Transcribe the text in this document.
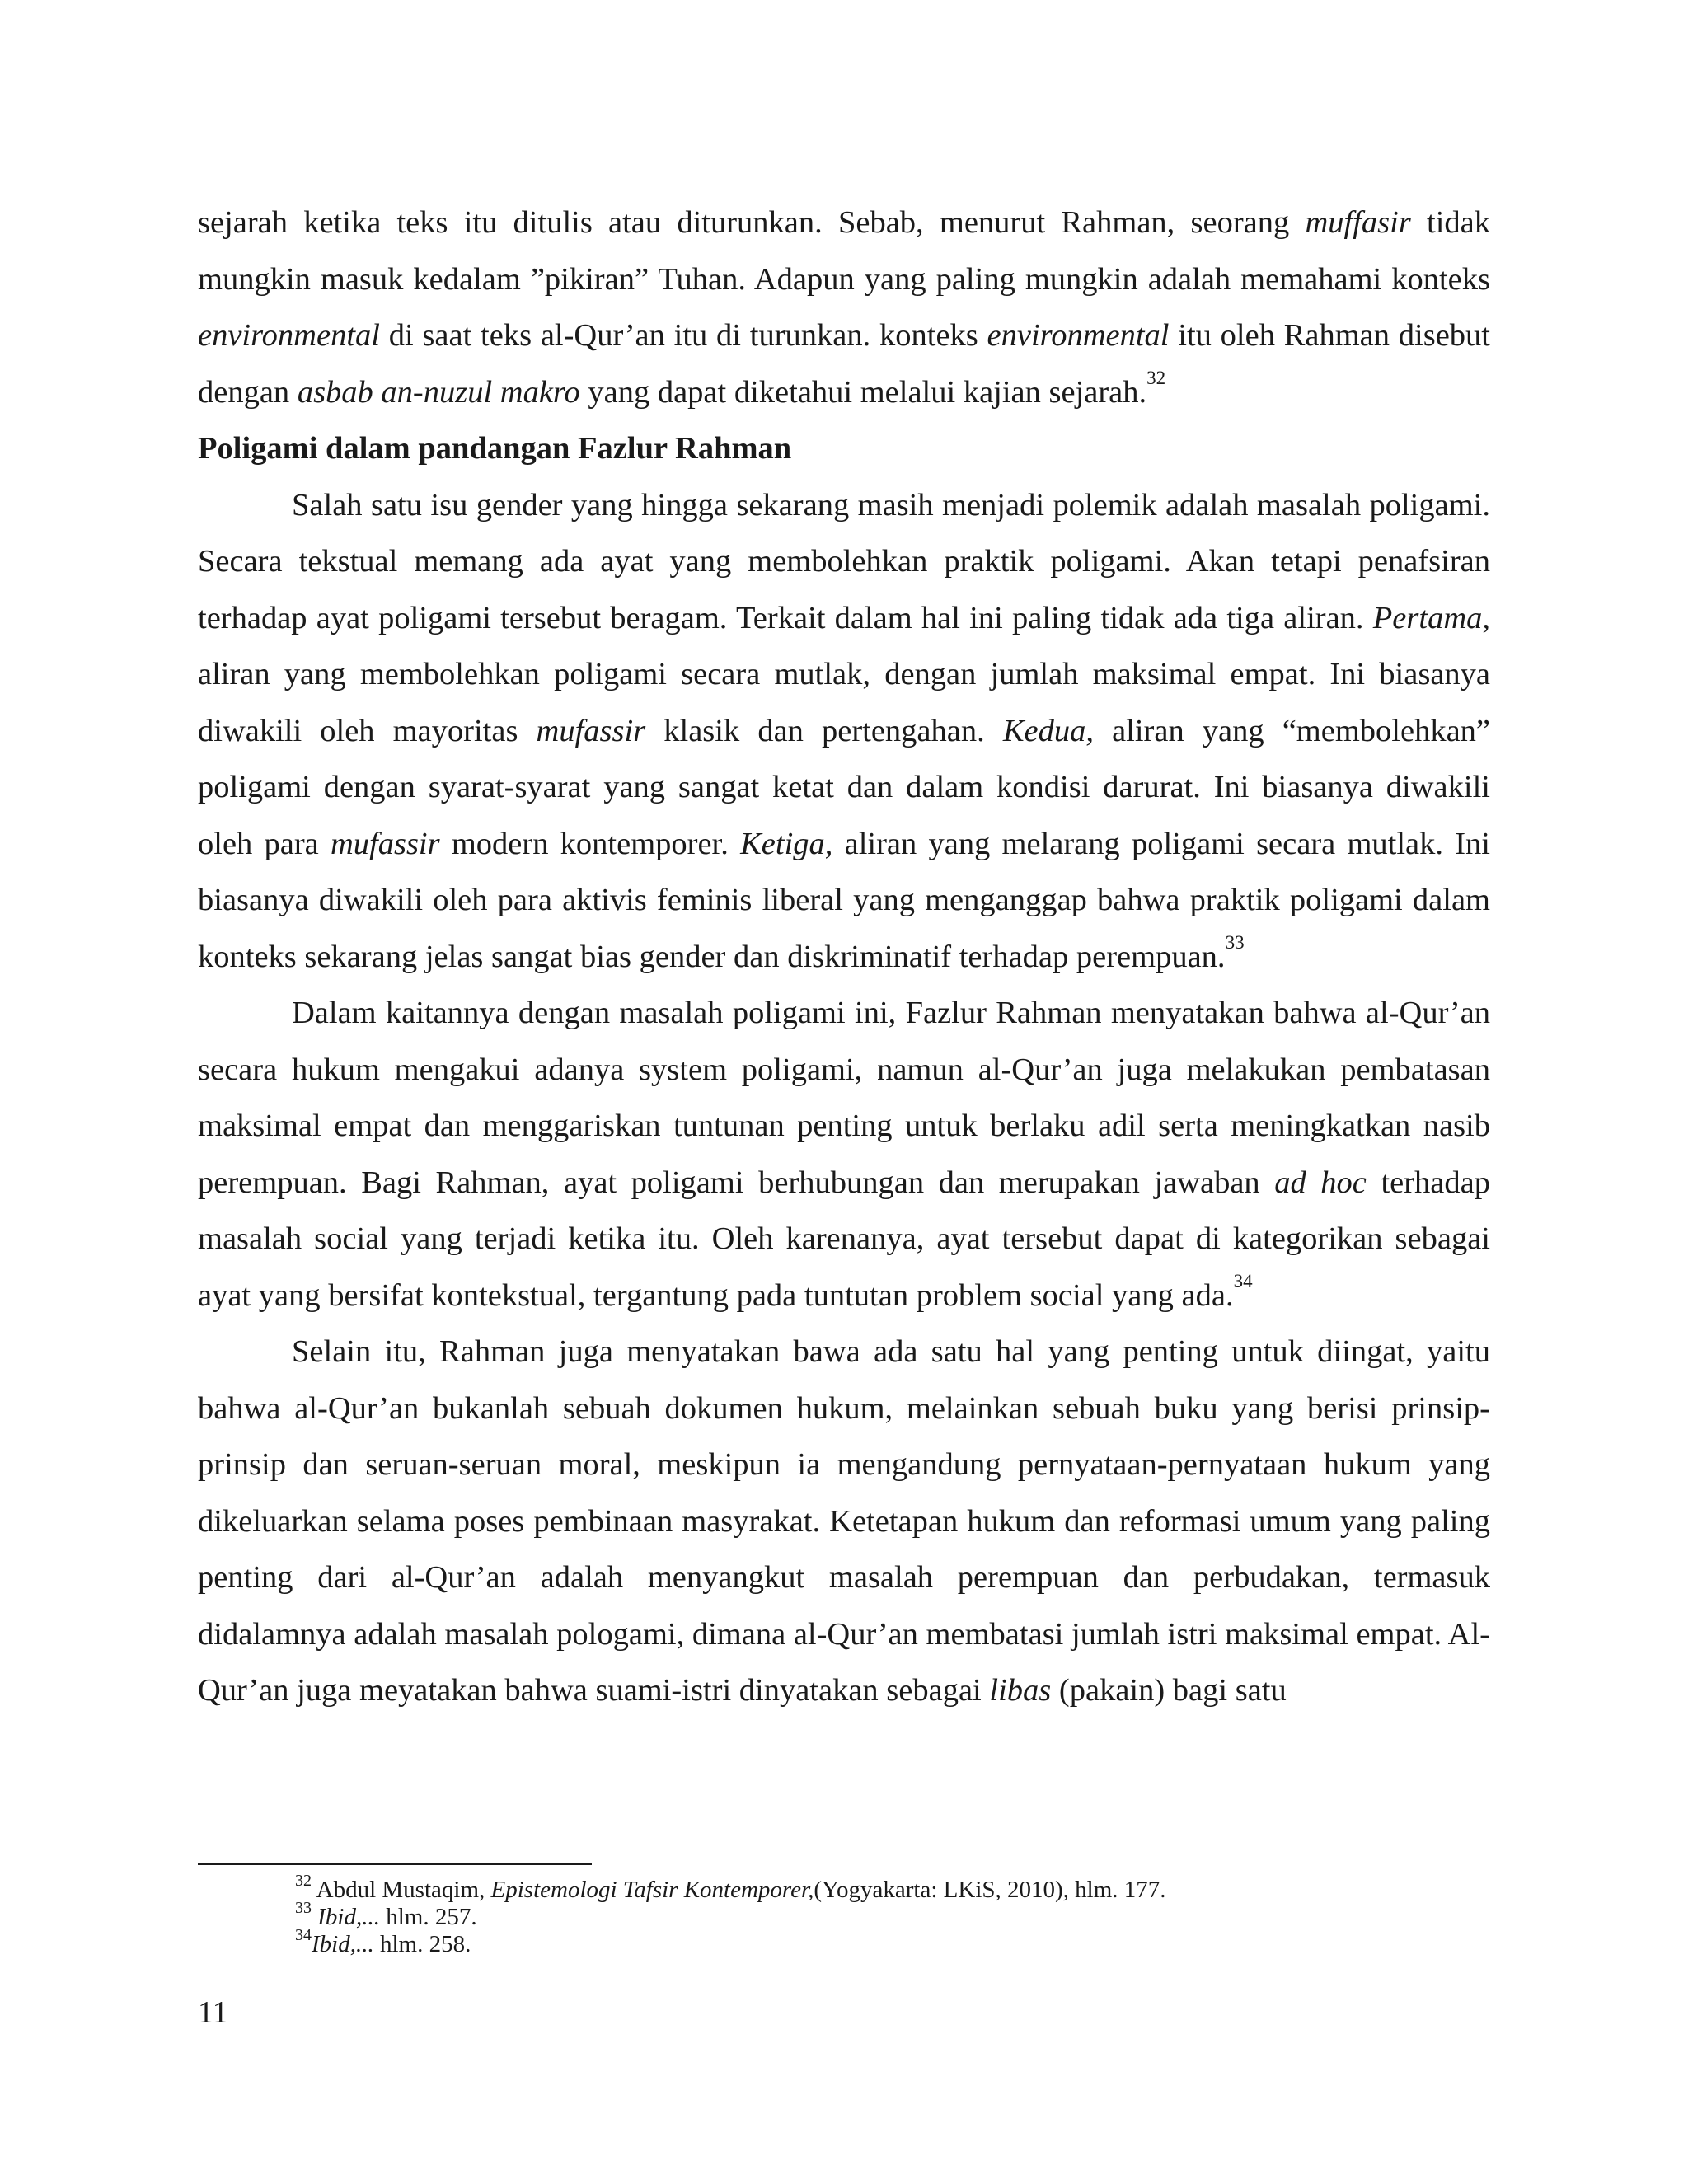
sejarah ketika teks itu ditulis atau diturunkan. Sebab, menurut Rahman, seorang muffasir tidak mungkin masuk kedalam ”pikiran” Tuhan. Adapun yang paling mungkin adalah memahami konteks environmental di saat teks al-Qur’an itu di turunkan. konteks environmental itu oleh Rahman disebut dengan asbab an-nuzul makro yang dapat diketahui melalui kajian sejarah.$^{32}$

Poligami dalam pandangan Fazlur Rahman

Salah satu isu gender yang hingga sekarang masih menjadi polemik adalah masalah poligami. Secara tekstual memang ada ayat yang membolehkan praktik poligami. Akan tetapi penafsiran terhadap ayat poligami tersebut beragam. Terkait dalam hal ini paling tidak ada tiga aliran. Pertama, aliran yang membolehkan poligami secara mutlak, dengan jumlah maksimal empat. Ini biasanya diwakili oleh mayoritas mufassir klasik dan pertengahan. Kedua, aliran yang “membolehkan” poligami dengan syarat-syarat yang sangat ketat dan dalam kondisi darurat. Ini biasanya diwakili oleh para mufassir modern kontemporer. Ketiga, aliran yang melarang poligami secara mutlak. Ini biasanya diwakili oleh para aktivis feminis liberal yang menganggap bahwa praktik poligami dalam konteks sekarang jelas sangat bias gender dan diskriminatif terhadap perempuan.$^{33}$

Dalam kaitannya dengan masalah poligami ini, Fazlur Rahman menyatakan bahwa al-Qur’an secara hukum mengakui adanya system poligami, namun al-Qur’an juga melakukan pembatasan maksimal empat dan menggariskan tuntunan penting untuk berlaku adil serta meningkatkan nasib perempuan. Bagi Rahman, ayat poligami berhubungan dan merupakan jawaban ad hoc terhadap masalah social yang terjadi ketika itu. Oleh karenanya, ayat tersebut dapat di kategorikan sebagai ayat yang bersifat kontekstual, tergantung pada tuntutan problem social yang ada.$^{34}$

Selain itu, Rahman juga menyatakan bawa ada satu hal yang penting untuk diingat, yaitu bahwa al-Qur’an bukanlah sebuah dokumen hukum, melainkan sebuah buku yang berisi prinsip-prinsip dan seruan-seruan moral, meskipun ia mengandung pernyataan-pernyataan hukum yang dikeluarkan selama poses pembinaan masyrakat. Ketetapan hukum dan reformasi umum yang paling penting dari al-Qur’an adalah menyangkut masalah perempuan dan perbudakan, termasuk didalamnya adalah masalah pologami, dimana al-Qur’an membatasi jumlah istri maksimal empat. Al-Qur’an juga meyatakan bahwa suami-istri dinyatakan sebagai libas (pakain) bagi satu

$^{32}$ Abdul Mustaqim, Epistemologi Tafsir Kontemporer,(Yogyakarta: LKiS, 2010), hlm. 177.
$^{33}$ Ibid,... hlm. 257.
$^{34}$Ibid,... hlm. 258.
11
